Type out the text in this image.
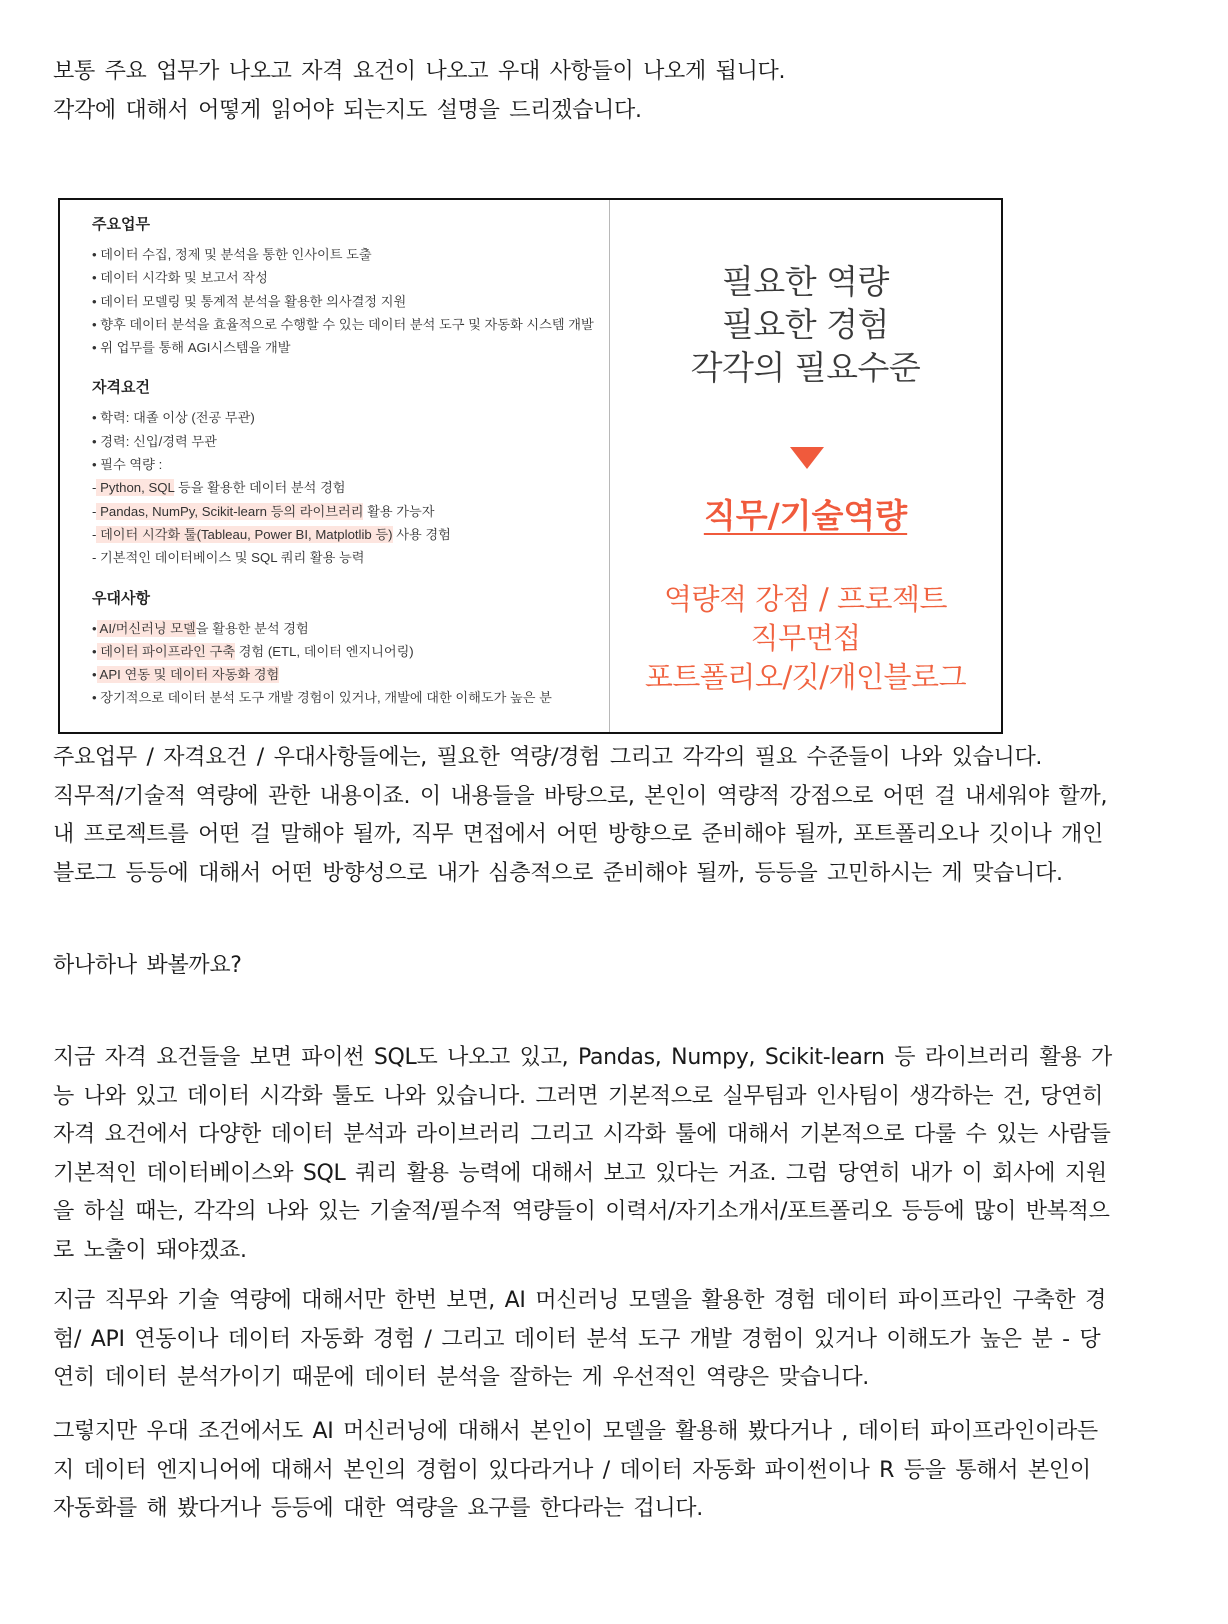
보통 주요 업무가 나오고 자격 요건이 나오고 우대 사항들이 나오게 됩니다.
각각에 대해서 어떻게 읽어야 되는지도 설명을 드리겠습니다.
주요업무
• 데이터 수집, 정제 및 분석을 통한 인사이트 도출
• 데이터 시각화 및 보고서 작성
• 데이터 모델링 및 통계적 분석을 활용한 의사결정 지원
• 향후 데이터 분석을 효율적으로 수행할 수 있는 데이터 분석 도구 및 자동화 시스템 개발
• 위 업무를 통해 AGI시스템을 개발
자격요건
• 학력: 대졸 이상 (전공 무관)
• 경력: 신입/경력 무관
• 필수 역량 :
- Python, SQL 등을 활용한 데이터 분석 경험
- Pandas, NumPy, Scikit-learn 등의 라이브러리 활용 가능자
- 데이터 시각화 툴(Tableau, Power BI, Matplotlib 등) 사용 경험
- 기본적인 데이터베이스 및 SQL 쿼리 활용 능력
우대사항
• AI/머신러닝 모델을 활용한 분석 경험
• 데이터 파이프라인 구축 경험 (ETL, 데이터 엔지니어링)
• API 연동 및 데이터 자동화 경험
• 장기적으로 데이터 분석 도구 개발 경험이 있거나, 개발에 대한 이해도가 높은 분
필요한 역량
필요한 경험
각각의 필요수준
직무/기술역량
역량적 강점 / 프로젝트
직무면접
포트폴리오/깃/개인블로그
주요업무 / 자격요건 / 우대사항들에는, 필요한 역량/경험 그리고 각각의 필요 수준들이 나와 있습니다.
직무적/기술적 역량에 관한 내용이죠. 이 내용들을 바탕으로, 본인이 역량적 강점으로 어떤 걸 내세워야 할까,
내 프로젝트를 어떤 걸 말해야 될까, 직무 면접에서 어떤 방향으로 준비해야 될까, 포트폴리오나 깃이나 개인
블로그 등등에 대해서 어떤 방향성으로 내가 심층적으로 준비해야 될까, 등등을 고민하시는 게 맞습니다.
하나하나 봐볼까요?
지금 자격 요건들을 보면 파이썬 SQL도 나오고 있고, Pandas, Numpy, Scikit-learn 등 라이브러리 활용 가
능 나와 있고 데이터 시각화 툴도 나와 있습니다. 그러면 기본적으로 실무팀과 인사팀이 생각하는 건, 당연히
자격 요건에서 다양한 데이터 분석과 라이브러리 그리고 시각화 툴에 대해서 기본적으로 다룰 수 있는 사람들
기본적인 데이터베이스와 SQL 쿼리 활용 능력에 대해서 보고 있다는 거죠. 그럼 당연히 내가 이 회사에 지원
을 하실 때는, 각각의 나와 있는 기술적/필수적 역량들이 이력서/자기소개서/포트폴리오 등등에 많이 반복적으
로 노출이 돼야겠죠.
지금 직무와 기술 역량에 대해서만 한번 보면, AI 머신러닝 모델을 활용한 경험 데이터 파이프라인 구축한 경
험/ API 연동이나 데이터 자동화 경험 / 그리고 데이터 분석 도구 개발 경험이 있거나 이해도가 높은 분 - 당
연히 데이터 분석가이기 때문에 데이터 분석을 잘하는 게 우선적인 역량은 맞습니다.
그렇지만 우대 조건에서도 AI 머신러닝에 대해서 본인이 모델을 활용해 봤다거나 , 데이터 파이프라인이라든
지 데이터 엔지니어에 대해서 본인의 경험이 있다라거나 / 데이터 자동화 파이썬이나 R 등을 통해서 본인이
자동화를 해 봤다거나 등등에 대한 역량을 요구를 한다라는 겁니다.
